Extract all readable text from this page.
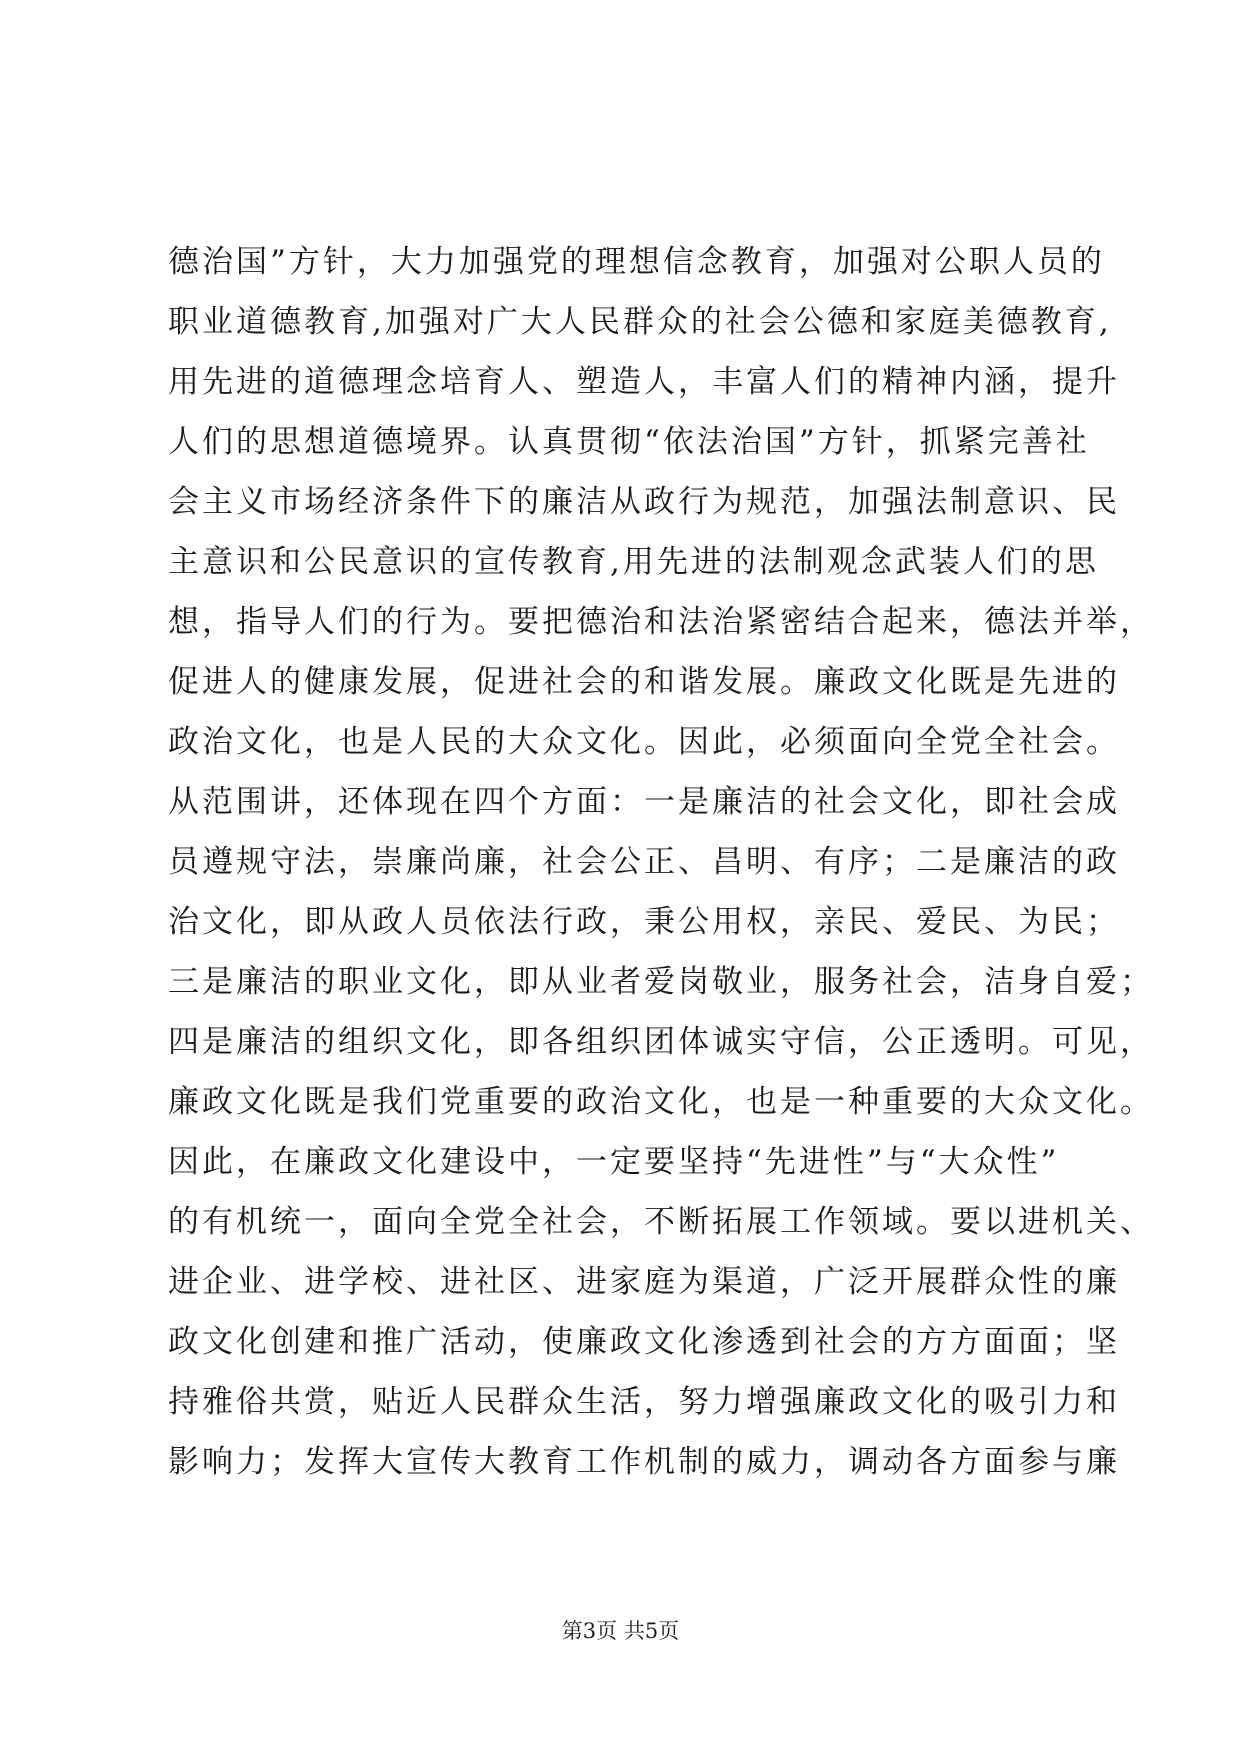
德治国”方针，大力加强党的理想信念教育，加强对公职人员的
职业道德教育,加强对广大人民群众的社会公德和家庭美德教育,
用先进的道德理念培育人、塑造人，丰富人们的精神内涵，提升
人们的思想道德境界。认真贯彻“依法治国”方针，抓紧完善社
会主义市场经济条件下的廉洁从政行为规范，加强法制意识、民
主意识和公民意识的宣传教育,用先进的法制观念武装人们的思
想，指导人们的行为。要把德治和法治紧密结合起来，德法并举，
促进人的健康发展，促进社会的和谐发展。廉政文化既是先进的
政治文化，也是人民的大众文化。因此，必须面向全党全社会。
从范围讲，还体现在四个方面：一是廉洁的社会文化，即社会成
员遵规守法，崇廉尚廉，社会公正、昌明、有序；二是廉洁的政
治文化，即从政人员依法行政，秉公用权，亲民、爱民、为民；
三是廉洁的职业文化，即从业者爱岗敬业，服务社会，洁身自爱；
四是廉洁的组织文化，即各组织团体诚实守信，公正透明。可见，
廉政文化既是我们党重要的政治文化，也是一种重要的大众文化。
因此，在廉政文化建设中，一定要坚持“先进性”与“大众性”
的有机统一，面向全党全社会，不断拓展工作领域。要以进机关、
进企业、进学校、进社区、进家庭为渠道，广泛开展群众性的廉
政文化创建和推广活动，使廉政文化渗透到社会的方方面面；坚
持雅俗共赏，贴近人民群众生活，努力增强廉政文化的吸引力和
影响力；发挥大宣传大教育工作机制的威力，调动各方面参与廉
第3页 共5页
